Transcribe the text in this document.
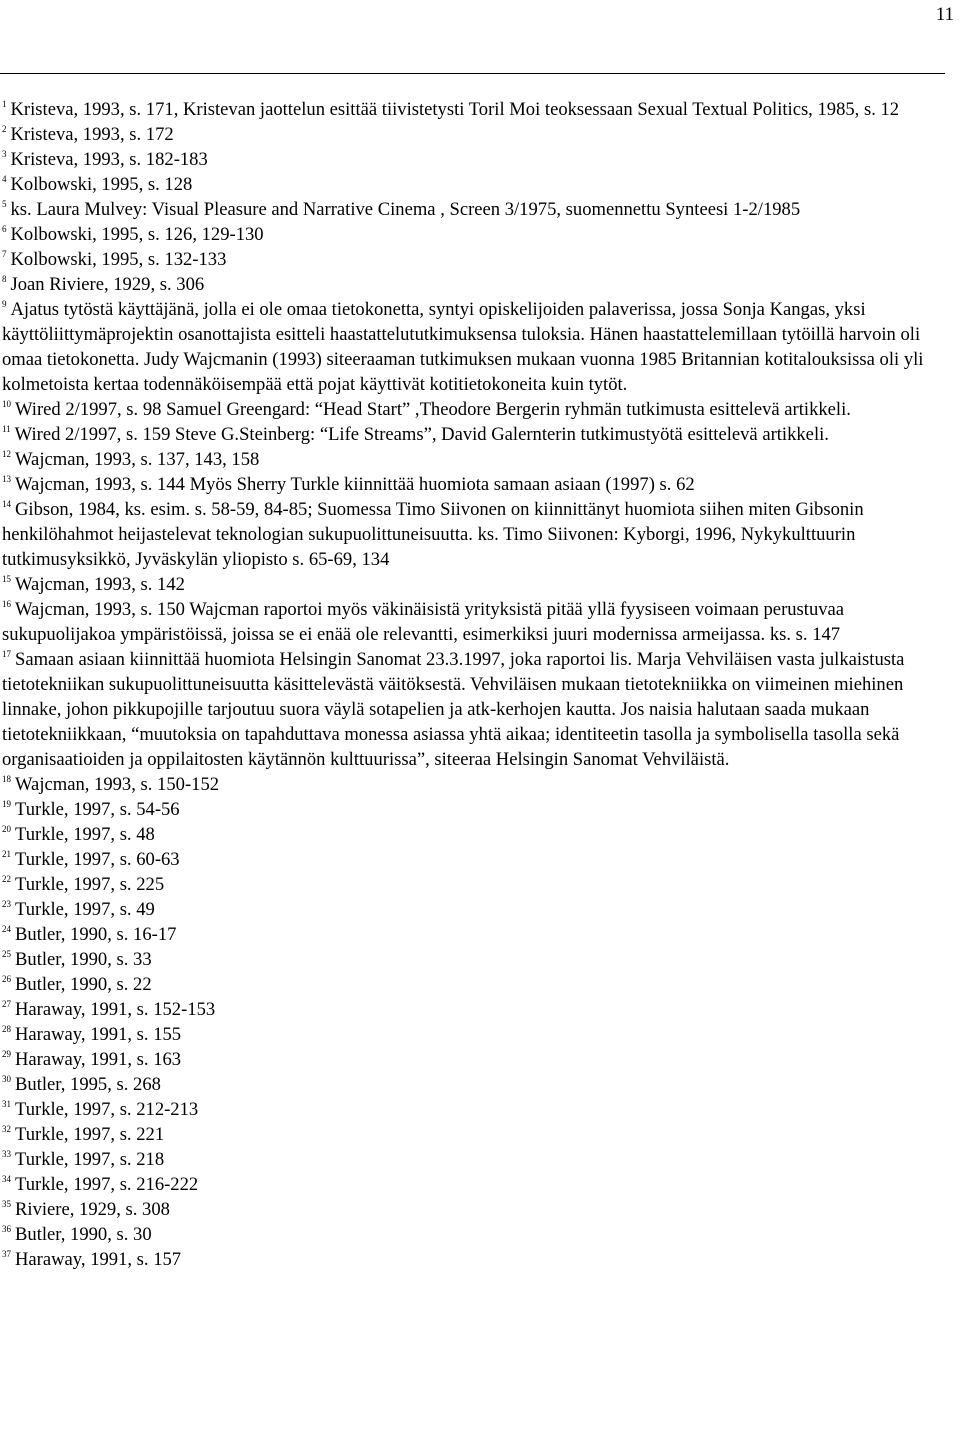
11
$^1$ Kristeva, 1993, s. 171, Kristevan jaottelun esittää tiivistetysti Toril Moi teoksessaan Sexual Textual Politics, 1985, s. 12
$^2$ Kristeva, 1993, s. 172
$^3$ Kristeva, 1993, s. 182-183
$^4$ Kolbowski, 1995, s. 128
$^5$ ks. Laura Mulvey: Visual Pleasure and Narrative Cinema , Screen 3/1975, suomennettu Synteesi 1-2/1985
$^6$ Kolbowski, 1995, s. 126, 129-130
$^7$ Kolbowski, 1995, s. 132-133
$^8$ Joan Riviere, 1929, s. 306
$^9$ Ajatus tytöstä käyttäjänä, jolla ei ole omaa tietokonetta, syntyi opiskelijoiden palaverissa, jossa Sonja Kangas, yksi käyttöliittymäprojektin osanottajista esitteli haastattelututkimuksensa tuloksia. Hänen haastattelemillaan tytöillä harvoin oli omaa tietokonetta. Judy Wajcmanin (1993) siteeraaman tutkimuksen mukaan vuonna 1985 Britannian kotitalouksissa oli yli kolmetoista kertaa todennäköisempää että pojat käyttivät kotitietokoneita kuin tytöt.
$^{10}$ Wired 2/1997, s. 98 Samuel Greengard: “Head Start” ,Theodore Bergerin ryhmän tutkimusta esittelevä artikkeli.
$^{11}$ Wired 2/1997, s. 159 Steve G.Steinberg: “Life Streams”, David Galernterin tutkimustyötä esittelevä artikkeli.
$^{12}$ Wajcman, 1993, s. 137, 143, 158
$^{13}$ Wajcman, 1993, s. 144 Myös Sherry Turkle kiinnittää huomiota samaan asiaan (1997) s. 62
$^{14}$ Gibson, 1984, ks. esim. s. 58-59, 84-85; Suomessa Timo Siivonen on kiinnittänyt huomiota siihen miten Gibsonin henkilöhahmot heijastelevat teknologian sukupuolittuneisuutta. ks. Timo Siivonen: Kyborgi, 1996, Nykykulttuurin tutkimusyksikkö, Jyväskylän yliopisto s. 65-69, 134
$^{15}$ Wajcman, 1993, s. 142
$^{16}$ Wajcman, 1993, s. 150 Wajcman raportoi myös väkinäisistä yrityksistä pitää yllä fyysiseen voimaan perustuvaa sukupuolijakoa ympäristöissä, joissa se ei enää ole relevantti, esimerkiksi juuri modernissa armeijassa. ks. s. 147
$^{17}$ Samaan asiaan kiinnittää huomiota Helsingin Sanomat 23.3.1997, joka raportoi lis. Marja Vehviläisen vasta julkaistusta tietotekniikan sukupuolittuneisuutta käsittelevästä väitöksestä. Vehviläisen mukaan tietotekniikka on viimeinen miehinen linnake, johon pikkupojille tarjoutuu suora väylä sotapelien ja atk-kerhojen kautta. Jos naisia halutaan saada mukaan tietotekniikkaan, “muutoksia on tapahduttava monessa asiassa yhtä aikaa; identiteetin tasolla ja symbolisella tasolla sekä organisaatioiden ja oppilaitosten käytännön kulttuurissa”, siteeraa Helsingin Sanomat Vehviläistä.
$^{18}$ Wajcman, 1993, s. 150-152
$^{19}$ Turkle, 1997, s. 54-56
$^{20}$ Turkle, 1997, s. 48
$^{21}$ Turkle, 1997, s. 60-63
$^{22}$ Turkle, 1997, s. 225
$^{23}$ Turkle, 1997, s. 49
$^{24}$ Butler, 1990, s. 16-17
$^{25}$ Butler, 1990, s. 33
$^{26}$ Butler, 1990, s. 22
$^{27}$ Haraway, 1991, s. 152-153
$^{28}$ Haraway, 1991, s. 155
$^{29}$ Haraway, 1991, s. 163
$^{30}$ Butler, 1995, s. 268
$^{31}$ Turkle, 1997, s. 212-213
$^{32}$ Turkle, 1997, s. 221
$^{33}$ Turkle, 1997, s. 218
$^{34}$ Turkle, 1997, s. 216-222
$^{35}$ Riviere, 1929, s. 308
$^{36}$ Butler, 1990, s. 30
$^{37}$ Haraway, 1991, s. 157
